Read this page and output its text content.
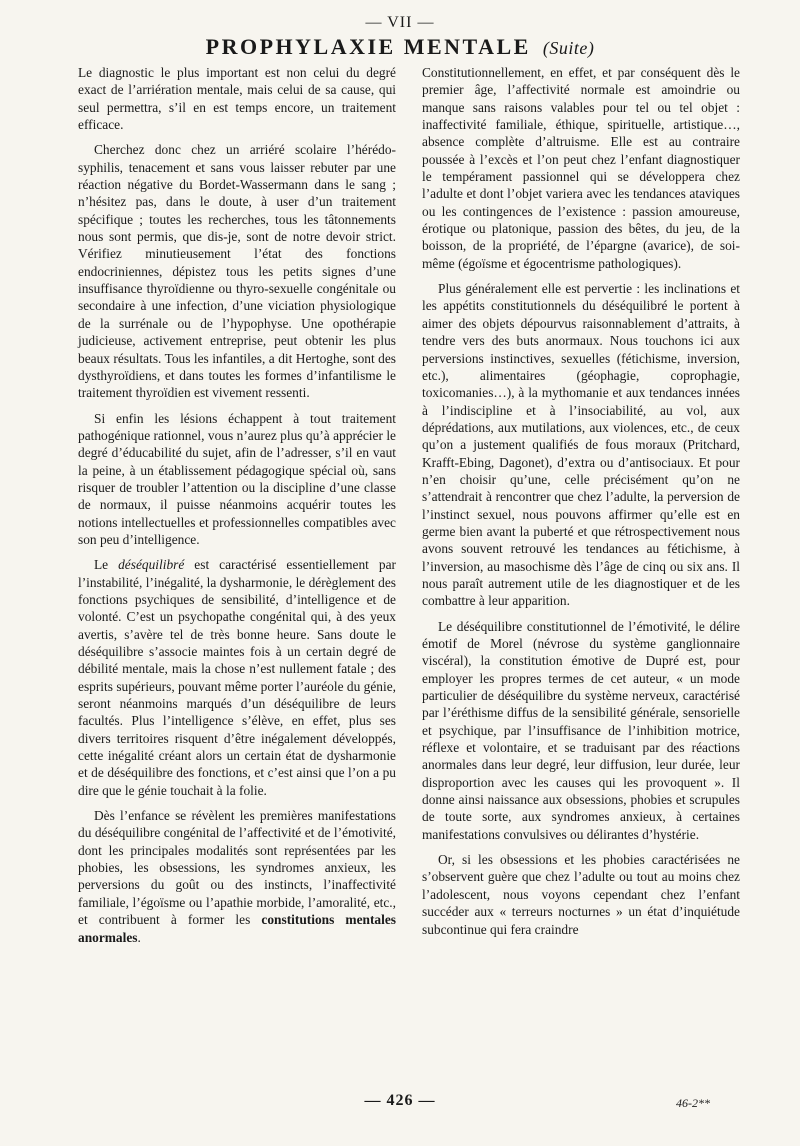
— VII —
PROPHYLAXIE MENTALE (Suite)

Le diagnostic le plus important est non celui du degré exact de l’arriération mentale, mais celui de sa cause, qui seul permettra, s’il en est temps encore, un traitement efficace.

Cherchez donc chez un arriéré scolaire l’hérédo-syphilis, tenacement et sans vous laisser rebuter par une réaction négative du Bordet-Wassermann dans le sang ; n’hésitez pas, dans le doute, à user d’un traitement spécifique ; toutes les recherches, tous les tâtonnements nous sont permis, que dis-je, sont de notre devoir strict. Vérifiez minutieusement l’état des fonctions endocriniennes, dépistez tous les petits signes d’une insuffisance thyroïdienne ou thyro-sexuelle congénitale ou secondaire à une infection, d’une viciation physiologique de la surrénale ou de l’hypophyse. Une opothérapie judicieuse, activement entreprise, peut obtenir les plus beaux résultats. Tous les infantiles, a dit Hertoghe, sont des dysthyroïdiens, et dans toutes les formes d’infantilisme le traitement thyroïdien est vivement ressenti.

Si enfin les lésions échappent à tout traitement pathogénique rationnel, vous n’aurez plus qu’à apprécier le degré d’éducabilité du sujet, afin de l’adresser, s’il en vaut la peine, à un établissement pédagogique spécial où, sans risquer de troubler l’attention ou la discipline d’une classe de normaux, il puisse néanmoins acquérir toutes les notions intellectuelles et professionnelles compatibles avec son peu d’intelligence.

Le déséquilibré est caractérisé essentiellement par l’instabilité, l’inégalité, la dysharmonie, le dérèglement des fonctions psychiques de sensibilité, d’intelligence et de volonté. C’est un psychopathe congénital qui, à des yeux avertis, s’avère tel de très bonne heure. Sans doute le déséquilibre s’associe maintes fois à un certain degré de débilité mentale, mais la chose n’est nullement fatale ; des esprits supérieurs, pouvant même porter l’auréole du génie, seront néanmoins marqués d’un déséquilibre de leurs facultés. Plus l’intelligence s’élève, en effet, plus ses divers territoires risquent d’être inégalement développés, cette inégalité créant alors un certain état de dysharmonie et de déséquilibre des fonctions, et c’est ainsi que l’on a pu dire que le génie touchait à la folie.

Dès l’enfance se révèlent les premières manifestations du déséquilibre congénital de l’affectivité et de l’émotivité, dont les principales modalités sont représentées par les phobies, les obsessions, les syndromes anxieux, les perversions du goût ou des instincts, l’inaffectivité familiale, l’égoïsme ou l’apathie morbide, l’amoralité, etc., et contribuent à former les constitutions mentales anormales.

Constitutionnellement, en effet, et par conséquent dès le premier âge, l’affectivité normale est amoindrie ou manque sans raisons valables pour tel ou tel objet : inaffectivité familiale, éthique, spirituelle, artistique…, absence complète d’altruisme. Elle est au contraire poussée à l’excès et l’on peut chez l’enfant diagnostiquer le tempérament passionnel qui se développera chez l’adulte et dont l’objet variera avec les tendances ataviques ou les contingences de l’existence : passion amoureuse, érotique ou platonique, passion des bêtes, du jeu, de la boisson, de la propriété, de l’épargne (avarice), de soi-même (égoïsme et égocentrisme pathologiques).

Plus généralement elle est pervertie : les inclinations et les appétits constitutionnels du déséquilibré le portent à aimer des objets dépourvus raisonnablement d’attraits, à tendre vers des buts anormaux. Nous touchons ici aux perversions instinctives, sexuelles (fétichisme, inversion, etc.), alimentaires (géophagie, coprophagie, toxicomanies…), à la mythomanie et aux tendances innées à l’indiscipline et à l’insociabilité, au vol, aux déprédations, aux mutilations, aux violences, etc., de ceux qu’on a justement qualifiés de fous moraux (Pritchard, Krafft-Ebing, Dagonet), d’extra ou d’antisociaux. Et pour n’en choisir qu’une, celle précisément qu’on ne s’attendrait à rencontrer que chez l’adulte, la perversion de l’instinct sexuel, nous pouvons affirmer qu’elle est en germe bien avant la puberté et que rétrospectivement nous avons souvent retrouvé les tendances au fétichisme, à l’inversion, au masochisme dès l’âge de cinq ou six ans. Il nous paraît autrement utile de les diagnostiquer et de les combattre à leur apparition.

Le déséquilibre constitutionnel de l’émotivité, le délire émotif de Morel (névrose du système ganglionnaire viscéral), la constitution émotive de Dupré est, pour employer les propres termes de cet auteur, « un mode particulier de déséquilibre du système nerveux, caractérisé par l’éréthisme diffus de la sensibilité générale, sensorielle et psychique, par l’insuffisance de l’inhibition motrice, réflexe et volontaire, et se traduisant par des réactions anormales dans leur degré, leur diffusion, leur durée, leur disproportion avec les causes qui les provoquent ». Il donne ainsi naissance aux obsessions, phobies et scrupules de toute sorte, aux syndromes anxieux, à certaines manifestations convulsives ou délirantes d’hystérie.

Or, si les obsessions et les phobies caractérisées ne s’observent guère que chez l’adulte ou tout au moins chez l’adolescent, nous voyons cependant chez l’enfant succéder aux « terreurs nocturnes » un état d’inquiétude subcontinue qui fera craindre

— 426 —	46-2**
